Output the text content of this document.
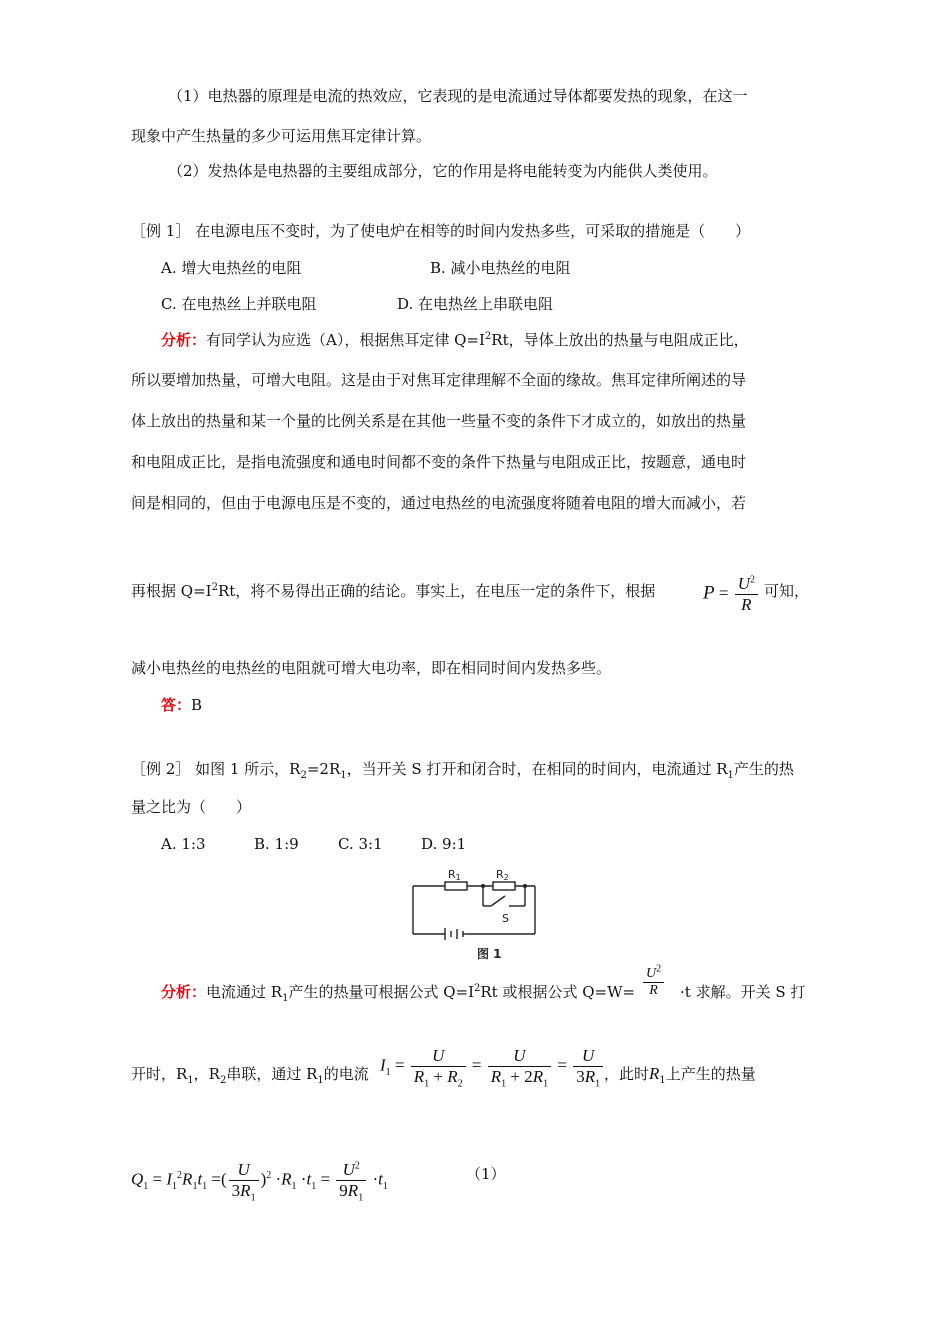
（1）电热器的原理是电流的热效应，它表现的是电流通过导体都要发热的现象，在这一
现象中产生热量的多少可运用焦耳定律计算。
（2）发热体是电热器的主要组成部分，它的作用是将电能转变为内能供人类使用。
［例 1］ 在电源电压不变时，为了使电炉在相等的时间内发热多些，可采取的措施是（　　）
A. 增大电热丝的电阻	B. 减小电热丝的电阻
C. 在电热丝上并联电阻	D. 在电热丝上串联电阻
分析：有同学认为应选（A），根据焦耳定律 $Q=I^2Rt$，导体上放出的热量与电阻成正比，
所以要增加热量，可增大电阻。这是由于对焦耳定律理解不全面的缘故。焦耳定律所阐述的导
体上放出的热量和某一个量的比例关系是在其他一些量不变的条件下才成立的，如放出的热量
和电阻成正比，是指电流强度和通电时间都不变的条件下热量与电阻成正比，按题意，通电时
间是相同的，但由于电源电压是不变的，通过电热丝的电流强度将随着电阻的增大而减小，若
再根据 $Q=I^2Rt$，将不易得出正确的结论。事实上，在电压一定的条件下，根据	$P = \frac{U^2}{R}$ 可知，
减小电热丝的电热丝的电阻就可增大电功率，即在相同时间内发热多些。
答：B
［例 2］ 如图 1 所示，$R_2=2R_1$，当开关 S 打开和闭合时，在相同的时间内，电流通过 $R_1$产生的热
量之比为（　　）
A. 1:3	B. 1:9	C. 3:1	D. 9:1
R1	R2
S
图 1
分析：电流通过 $R_1$产生的热量可根据公式 $Q=I^2Rt$ 或根据公式 $Q=W= \frac{U^2}{R} \cdot t$ 求解。开关 S 打
开时，$R_1$，$R_2$串联，通过 $R_1$的电流 $I_1 = \frac{U}{R_1 + R_2} = \frac{U}{R_1 + 2R_1} = \frac{U}{3R_1}$ ，此时$R_1$上产生的热量
$Q_1 = I_1^2R_1t_1$ =( $\frac{U}{3R_1} )^2 \cdot R_1 \cdot t_1 = \frac{U^2}{9R_1} \cdot t_1$
（1）
